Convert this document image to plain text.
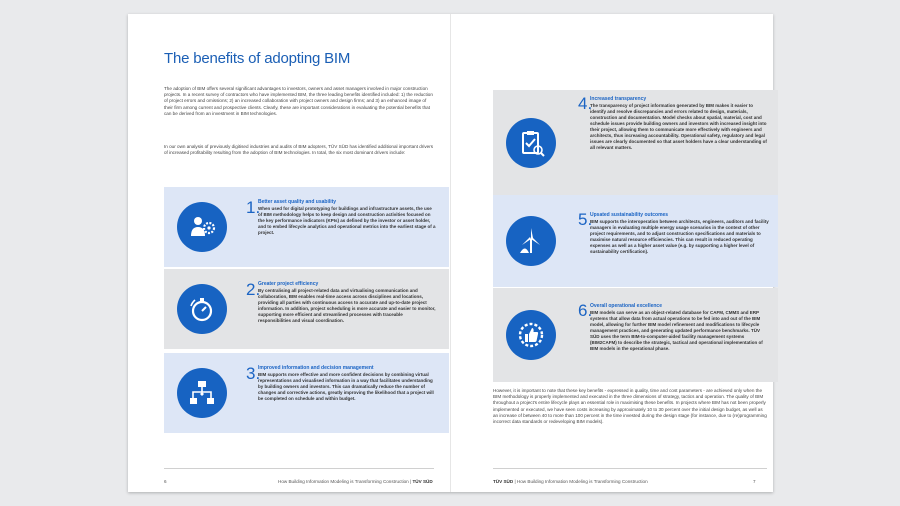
The benefits of adopting BIM

The adoption of BIM offers several significant advantages to investors, owners and asset managers involved in major construction projects. In a recent survey of contractors who have implemented BIM, the three leading benefits identified included: 1) the reduction of project errors and omissions; 2) an increased collaboration with project owners and design firms; and 3) an enhanced image of their firm among current and prospective clients. Clearly, these are important considerations in evaluating the potential benefits that can be derived from an investment in BIM technologies.

In our own analysis of previously digitised industries and audits of BIM adopters, TÜV SÜD has identified additional important drivers of increased profitability resulting from the adoption of BIM technologies. In total, the six most dominant drivers include:

1.
Better asset quality and usability

When used for digital prototyping for buildings and infrastructure assets, the use of BIM methodology helps to keep design and construction activities focused on the key performance indicators (KPIs) as defined by the investor or asset holder, and to embed lifecycle analytics and operational metrics into the earliest stage of a project.

2.
Greater project efficiency

By centralising all project-related data and virtualising communication and collaboration, BIM enables real-time access across disciplines and locations, providing all parties with continuous access to accurate and up-to-date project information. In addition, project scheduling is more accurate and easier to monitor, supporting more efficient and streamlined processes with traceable responsibilities and visual coordination.

3.
Improved information and decision management

BIM supports more effective and more confident decisions by combining virtual representations and visualised information in a way that facilitates understanding by building owners and investors. This can dramatically reduce the number of changes and corrective actions, greatly improving the likelihood that a project will be completed on schedule and within budget.

6	How Building Information Modeling is Transforming Construction | TÜV SÜD
4.
Increased transparency

The transparency of project information generated by BIM makes it easier to identify and resolve discrepancies and errors related to design, materials, construction and documentation. Model checks about spatial, material, cost and schedule issues provide building owners and investors with increased insight into their project, allowing them to communicate more effectively with engineers and architects, thus increasing accountability. Operational safety, regulatory and legal issues are clearly documented so that asset holders have a clear understanding of all relevant matters.

5.
Upsated sustainability outcomes

BIM supports the interoperation between architects, engineers, auditors and facility managers in evaluating multiple energy usage scenarios in the context of other project requirements, and to adjust construction specifications and materials to maximise natural resource efficiencies. This can result in reduced operating expenses as well as a higher asset value (e.g. by supporting a higher level of sustainability certification).

6.
Overall operational excellence

BIM models can serve as an object-related database for CAFM, CMMS and ERP systems that allow data from actual operations to be fed into and out of the BIM model, allowing for further BIM model refinement and modifications to lifecycle management practices, and generating updated performance benchmarks. TÜV SÜD uses the term BIM-to-computer-aided facility management systems (BIM2CAFM) to describe the strategic, tactical and operational implementation of BIM models in the operational phase.

However, it is important to note that these key benefits - expressed in quality, time and cost parameters - are achieved only when the BIM methodology is properly implemented and executed in the three dimensions of strategy, tactics and operation. The quality of BIM throughout a project's entire lifecycle plays an essential role in maximising these benefits. In projects where BIM has not been properly implemented or executed, we have seen costs increasing by approximately 10 to 30 percent over the initial design budget, as well as an increase of between 40 to more than 100 percent in the time invested during the design stage (for instance, due to (re)programming incorrect data standards or redeveloping BIM models).

TÜV SÜD | How Building Information Modeling is Transforming Construction	7
